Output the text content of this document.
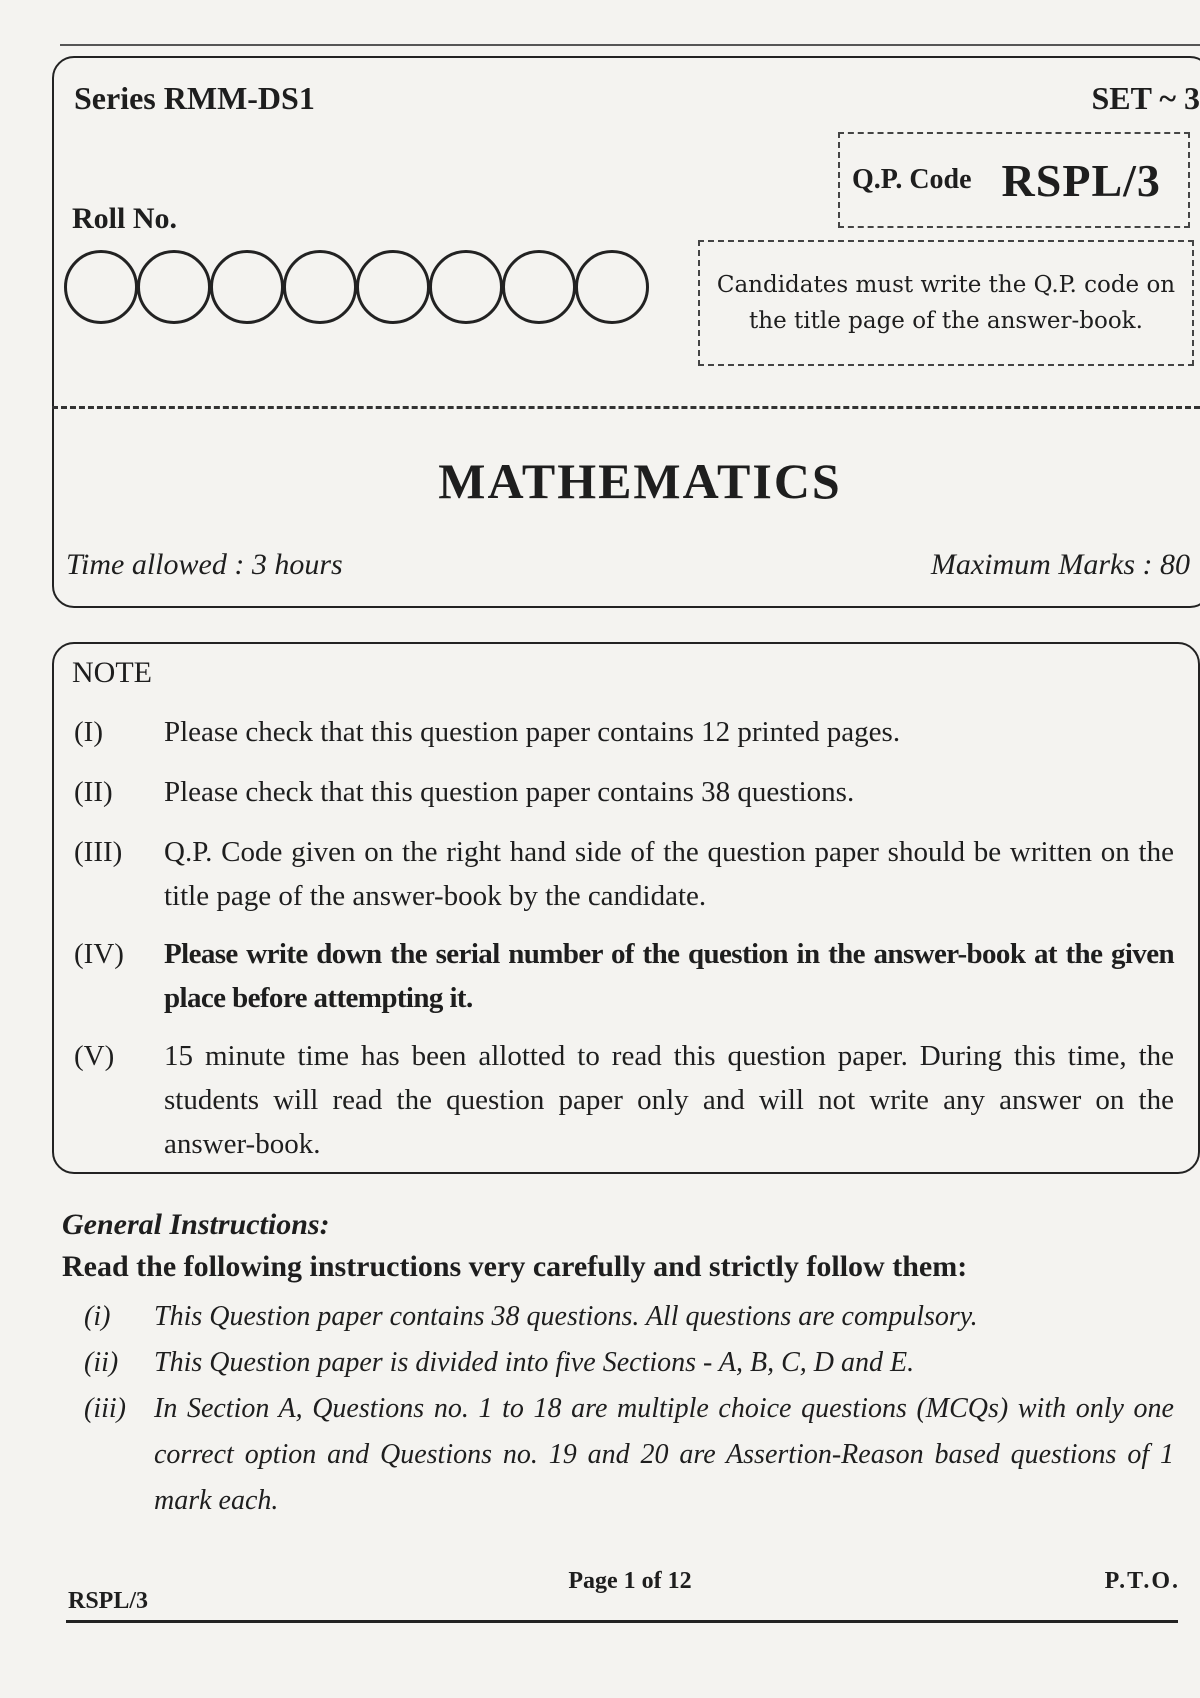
Series RMM-DS1	SET ~ 3
Q.P. Code RSPL/3
Roll No.
Candidates must write the Q.P. code on the title page of the answer-book.
MATHEMATICS
Time allowed : 3 hours	Maximum Marks : 80
NOTE
(I)	Please check that this question paper contains 12 printed pages.
(II)	Please check that this question paper contains 38 questions.
(III)	Q.P. Code given on the right hand side of the question paper should be written on the title page of the answer-book by the candidate.
(IV)	Please write down the serial number of the question in the answer-book at the given place before attempting it.
(V)	15 minute time has been allotted to read this question paper. During this time, the students will read the question paper only and will not write any answer on the answer-book.
General Instructions:
Read the following instructions very carefully and strictly follow them:
(i)	This Question paper contains 38 questions. All questions are compulsory.
(ii)	This Question paper is divided into five Sections - A, B, C, D and E.
(iii)	In Section A, Questions no. 1 to 18 are multiple choice questions (MCQs) with only one correct option and Questions no. 19 and 20 are Assertion-Reason based questions of 1 mark each.
RSPL/3
Page 1 of 12	P.T.O.
